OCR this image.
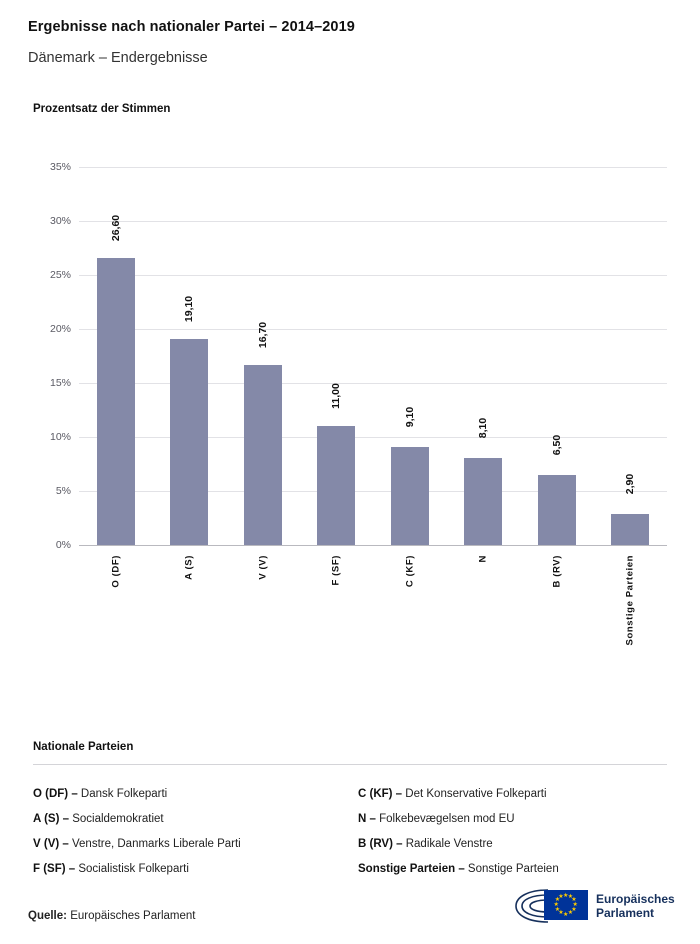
Ergebnisse nach nationaler Partei – 2014–2019
Dänemark – Endergebnisse
Prozentsatz der Stimmen
0%
5%
10%
15%
20%
25%
30%
35%
26,60
O (DF)
19,10
A (S)
16,70
V (V)
11,00
F (SF)
9,10
C (KF)
8,10
N
6,50
B (RV)
2,90
Sonstige Parteien
Nationale Parteien
O (DF) – Dansk Folkeparti
A (S) – Socialdemokratiet
V (V) – Venstre, Danmarks Liberale Parti
F (SF) – Socialistisk Folkeparti
C (KF) – Det Konservative Folkeparti
N – Folkebevægelsen mod EU
B (RV) – Radikale Venstre
Sonstige Parteien – Sonstige Parteien
Quelle: Europäisches Parlament
★ ★
★
★
★
★
★
★
★
★
★
★	Europäisches
Parlament
